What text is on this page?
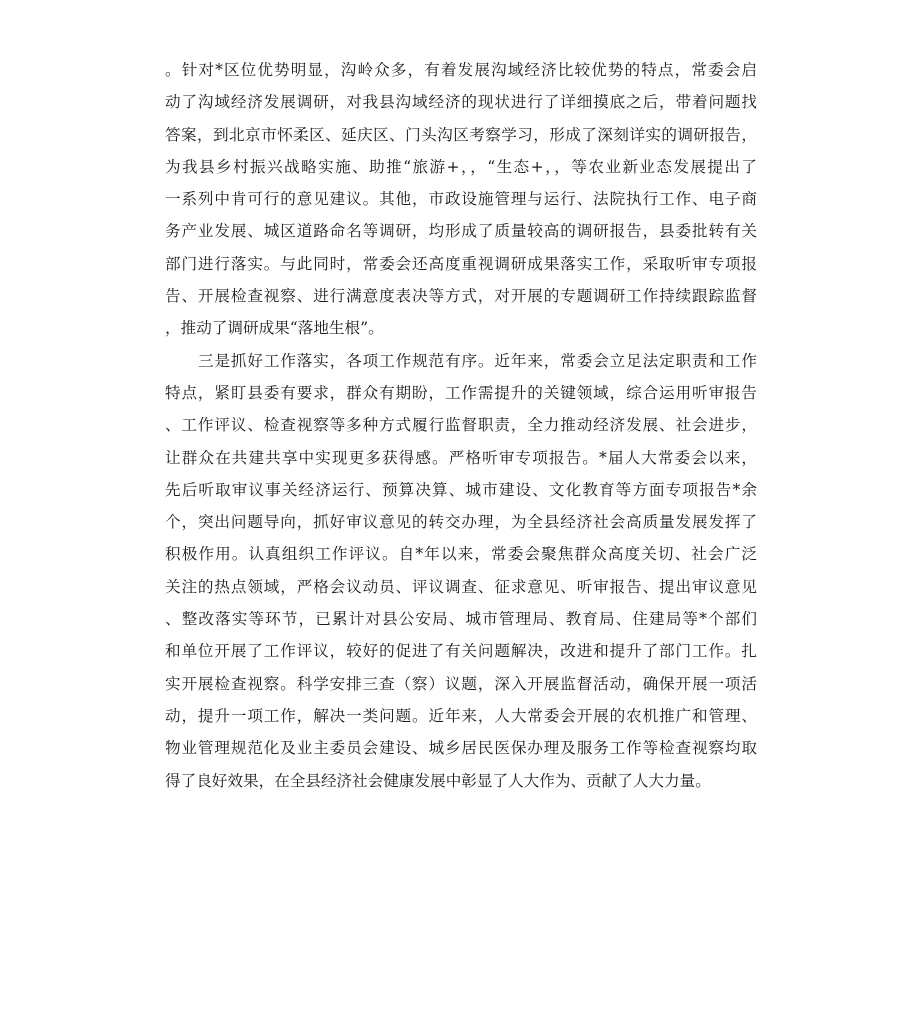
。针对*区位优势明显，沟岭众多，有着发展沟域经济比较优势的特点，常委会启
动了沟域经济发展调研，对我县沟域经济的现状进行了详细摸底之后，带着问题找
答案，到北京市怀柔区、延庆区、门头沟区考察学习，形成了深刻详实的调研报告，
为我县乡村振兴战略实施、助推“旅游+，，“生态+，，等农业新业态发展提出了
一系列中肯可行的意见建议。其他，市政设施管理与运行、法院执行工作、电子商
务产业发展、城区道路命名等调研，均形成了质量较高的调研报告，县委批转有关
部门进行落实。与此同时，常委会还高度重视调研成果落实工作，采取听审专项报
告、开展检查视察、进行满意度表决等方式，对开展的专题调研工作持续跟踪监督
，推动了调研成果“落地生根”。
三是抓好工作落实，各项工作规范有序。近年来，常委会立足法定职责和工作
特点，紧盯县委有要求，群众有期盼，工作需提升的关键领域，综合运用听审报告
、工作评议、检查视察等多种方式履行监督职责，全力推动经济发展、社会进步，
让群众在共建共享中实现更多获得感。严格听审专项报告。*届人大常委会以来，
先后听取审议事关经济运行、预算决算、城市建设、文化教育等方面专项报告*余
个，突出问题导向，抓好审议意见的转交办理，为全县经济社会高质量发展发挥了
积极作用。认真组织工作评议。自*年以来，常委会聚焦群众高度关切、社会广泛
关注的热点领域，严格会议动员、评议调查、征求意见、听审报告、提出审议意见
、整改落实等环节，已累计对县公安局、城市管理局、教育局、住建局等*个部们
和单位开展了工作评议，较好的促进了有关问题解决，改进和提升了部门工作。扎
实开展检查视察。科学安排三查（察）议题，深入开展监督活动，确保开展一项活
动，提升一项工作，解决一类问题。近年来，人大常委会开展的农机推广和管理、
物业管理规范化及业主委员会建设、城乡居民医保办理及服务工作等检查视察均取
得了良好效果，在全县经济社会健康发展中彰显了人大作为、贡献了人大力量。
